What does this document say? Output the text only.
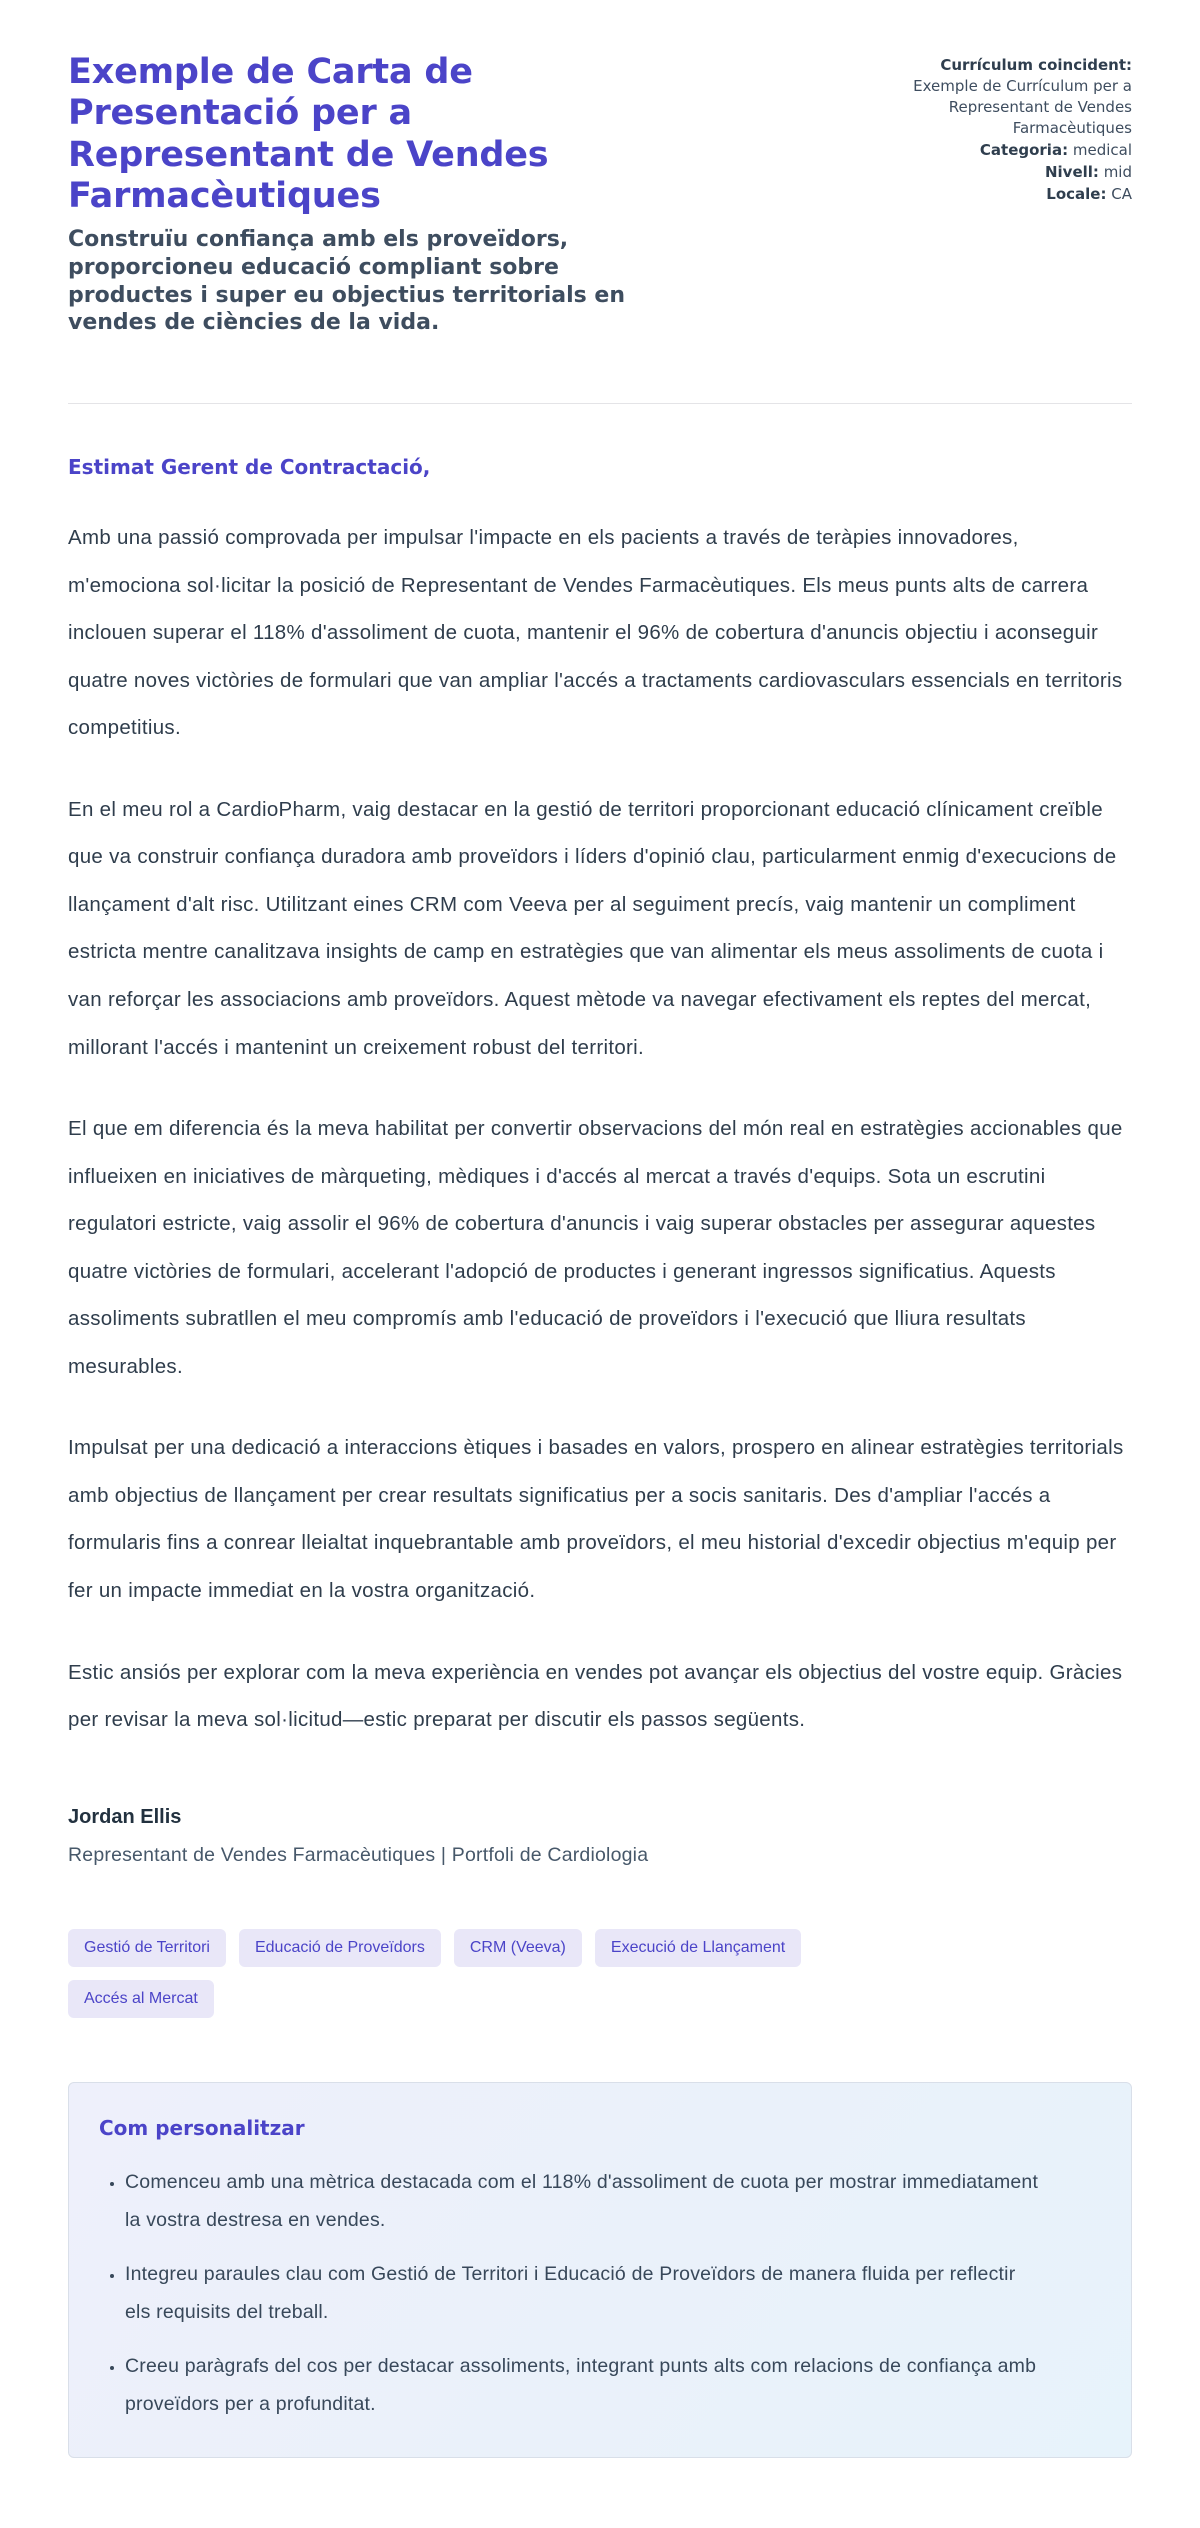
Exemple de Carta de Presentació per a Representant de Vendes Farmacèutiques

Construïu confiança amb els proveïdors, proporcioneu educació compliant sobre productes i super eu objectius territorials en vendes de ciències de la vida.

Currículum coincident:
Exemple de Currículum per a Representant de Vendes Farmacèutiques
Categoria: medical
Nivell: mid
Locale: CA

Estimat Gerent de Contractació,

Amb una passió comprovada per impulsar l'impacte en els pacients a través de teràpies innovadores, m'emociona sol·licitar la posició de Representant de Vendes Farmacèutiques. Els meus punts alts de carrera inclouen superar el 118% d'assoliment de cuota, mantenir el 96% de cobertura d'anuncis objectiu i aconseguir quatre noves victòries de formulari que van ampliar l'accés a tractaments cardiovasculars essencials en territoris competitius.

En el meu rol a CardioPharm, vaig destacar en la gestió de territori proporcionant educació clínicament creïble que va construir confiança duradora amb proveïdors i líders d'opinió clau, particularment enmig d'execucions de llançament d'alt risc. Utilitzant eines CRM com Veeva per al seguiment precís, vaig mantenir un compliment estricta mentre canalitzava insights de camp en estratègies que van alimentar els meus assoliments de cuota i van reforçar les associacions amb proveïdors. Aquest mètode va navegar efectivament els reptes del mercat, millorant l'accés i mantenint un creixement robust del territori.

El que em diferencia és la meva habilitat per convertir observacions del món real en estratègies accionables que influeixen en iniciatives de màrqueting, mèdiques i d'accés al mercat a través d'equips. Sota un escrutini regulatori estricte, vaig assolir el 96% de cobertura d'anuncis i vaig superar obstacles per assegurar aquestes quatre victòries de formulari, accelerant l'adopció de productes i generant ingressos significatius. Aquests assoliments subratllen el meu compromís amb l'educació de proveïdors i l'execució que lliura resultats mesurables.

Impulsat per una dedicació a interaccions ètiques i basades en valors, prospero en alinear estratègies territorials amb objectius de llançament per crear resultats significatius per a socis sanitaris. Des d'ampliar l'accés a formularis fins a conrear lleialtat inquebrantable amb proveïdors, el meu historial d'excedir objectius m'equip per fer un impacte immediat en la vostra organització.

Estic ansiós per explorar com la meva experiència en vendes pot avançar els objectius del vostre equip. Gràcies per revisar la meva sol·licitud—estic preparat per discutir els passos següents.

Jordan Ellis

Representant de Vendes Farmacèutiques | Portfoli de Cardiologia

Gestió de Territori	Educació de Proveïdors	CRM (Veeva)	Execució de Llançament
Accés al Mercat
Com personalitzar
• Comenceu amb una mètrica destacada com el 118% d'assoliment de cuota per mostrar immediatament la vostra destresa en vendes.
• Integreu paraules clau com Gestió de Territori i Educació de Proveïdors de manera fluida per reflectir els requisits del treball.
• Creeu paràgrafs del cos per destacar assoliments, integrant punts alts com relacions de confiança amb proveïdors per a profunditat.
